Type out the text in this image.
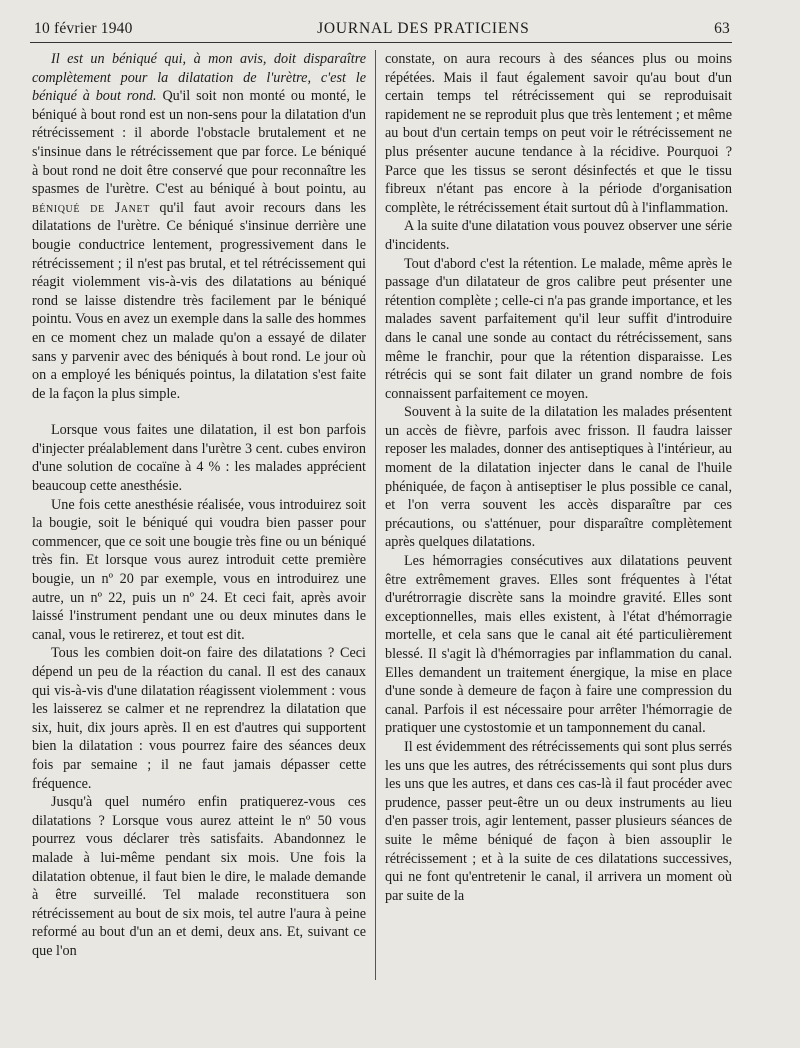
10 février 1940	JOURNAL DES PRATICIENS	63

Il est un béniqué qui, à mon avis, doit disparaître complètement pour la dilatation de l'urètre, c'est le béniqué à bout rond. Qu'il soit non monté ou monté, le béniqué à bout rond est un non-sens pour la dilatation d'un rétrécissement : il aborde l'obstacle brutalement et ne s'insinue dans le rétrécissement que par force. Le béniqué à bout rond ne doit être conservé que pour reconnaître les spasmes de l'urètre. C'est au béniqué à bout pointu, au béniqué de Janet qu'il faut avoir recours dans les dilatations de l'urètre. Ce béniqué s'insinue derrière une bougie conductrice lentement, progressivement dans le rétrécissement ; il n'est pas brutal, et tel rétrécissement qui réagit violemment vis-à-vis des dilatations au béniqué rond se laisse distendre très facilement par le béniqué pointu. Vous en avez un exemple dans la salle des hommes en ce moment chez un malade qu'on a essayé de dilater sans y parvenir avec des béniqués à bout rond. Le jour où on a employé les béniqués pointus, la dilatation s'est faite de la façon la plus simple.

Lorsque vous faites une dilatation, il est bon parfois d'injecter préalablement dans l'urètre 3 cent. cubes environ d'une solution de cocaïne à 4 % : les malades apprécient beaucoup cette anesthésie.

Une fois cette anesthésie réalisée, vous introduirez soit la bougie, soit le béniqué qui voudra bien passer pour commencer, que ce soit une bougie très fine ou un béniqué très fin. Et lorsque vous aurez introduit cette première bougie, un nº 20 par exemple, vous en introduirez une autre, un nº 22, puis un nº 24. Et ceci fait, après avoir laissé l'instrument pendant une ou deux minutes dans le canal, vous le retirerez, et tout est dit.

Tous les combien doit-on faire des dilatations ? Ceci dépend un peu de la réaction du canal. Il est des canaux qui vis-à-vis d'une dilatation réagissent violemment : vous les laisserez se calmer et ne reprendrez la dilatation que six, huit, dix jours après. Il en est d'autres qui supportent bien la dilatation : vous pourrez faire des séances deux fois par semaine ; il ne faut jamais dépasser cette fréquence.

Jusqu'à quel numéro enfin pratiquerez-vous ces dilatations ? Lorsque vous aurez atteint le nº 50 vous pourrez vous déclarer très satisfaits. Abandonnez le malade à lui-même pendant six mois. Une fois la dilatation obtenue, il faut bien le dire, le malade demande à être surveillé. Tel malade reconstituera son rétrécissement au bout de six mois, tel autre l'aura à peine reformé au bout d'un an et demi, deux ans. Et, suivant ce que l'on

constate, on aura recours à des séances plus ou moins répétées. Mais il faut également savoir qu'au bout d'un certain temps tel rétrécissement qui se reproduisait rapidement ne se reproduit plus que très lentement ; et même au bout d'un certain temps on peut voir le rétrécissement ne plus présenter aucune tendance à la récidive. Pourquoi ? Parce que les tissus se seront désinfectés et que le tissu fibreux n'étant pas encore à la période d'organisation complète, le rétrécissement était surtout dû à l'inflammation.

A la suite d'une dilatation vous pouvez observer une série d'incidents.

Tout d'abord c'est la rétention. Le malade, même après le passage d'un dilatateur de gros calibre peut présenter une rétention complète ; celle-ci n'a pas grande importance, et les malades savent parfaitement qu'il leur suffit d'introduire dans le canal une sonde au contact du rétrécissement, sans même le franchir, pour que la rétention disparaisse. Les rétrécis qui se sont fait dilater un grand nombre de fois connaissent parfaitement ce moyen.

Souvent à la suite de la dilatation les malades présentent un accès de fièvre, parfois avec frisson. Il faudra laisser reposer les malades, donner des antiseptiques à l'intérieur, au moment de la dilatation injecter dans le canal de l'huile phéniquée, de façon à antiseptiser le plus possible ce canal, et l'on verra souvent les accès disparaître par ces précautions, ou s'atténuer, pour disparaître complètement après quelques dilatations.

Les hémorragies consécutives aux dilatations peuvent être extrêmement graves. Elles sont fréquentes à l'état d'urétrorragie discrète sans la moindre gravité. Elles sont exceptionnelles, mais elles existent, à l'état d'hémorragie mortelle, et cela sans que le canal ait été particulièrement blessé. Il s'agit là d'hémorragies par inflammation du canal. Elles demandent un traitement énergique, la mise en place d'une sonde à demeure de façon à faire une compression du canal. Parfois il est nécessaire pour arrêter l'hémorragie de pratiquer une cystostomie et un tamponnement du canal.

Il est évidemment des rétrécissements qui sont plus serrés les uns que les autres, des rétrécissements qui sont plus durs les uns que les autres, et dans ces cas-là il faut procéder avec prudence, passer peut-être un ou deux instruments au lieu d'en passer trois, agir lentement, passer plusieurs séances de suite le même béniqué de façon à bien assouplir le rétrécissement ; et à la suite de ces dilatations successives, qui ne font qu'entretenir le canal, il arrivera un moment où par suite de la
